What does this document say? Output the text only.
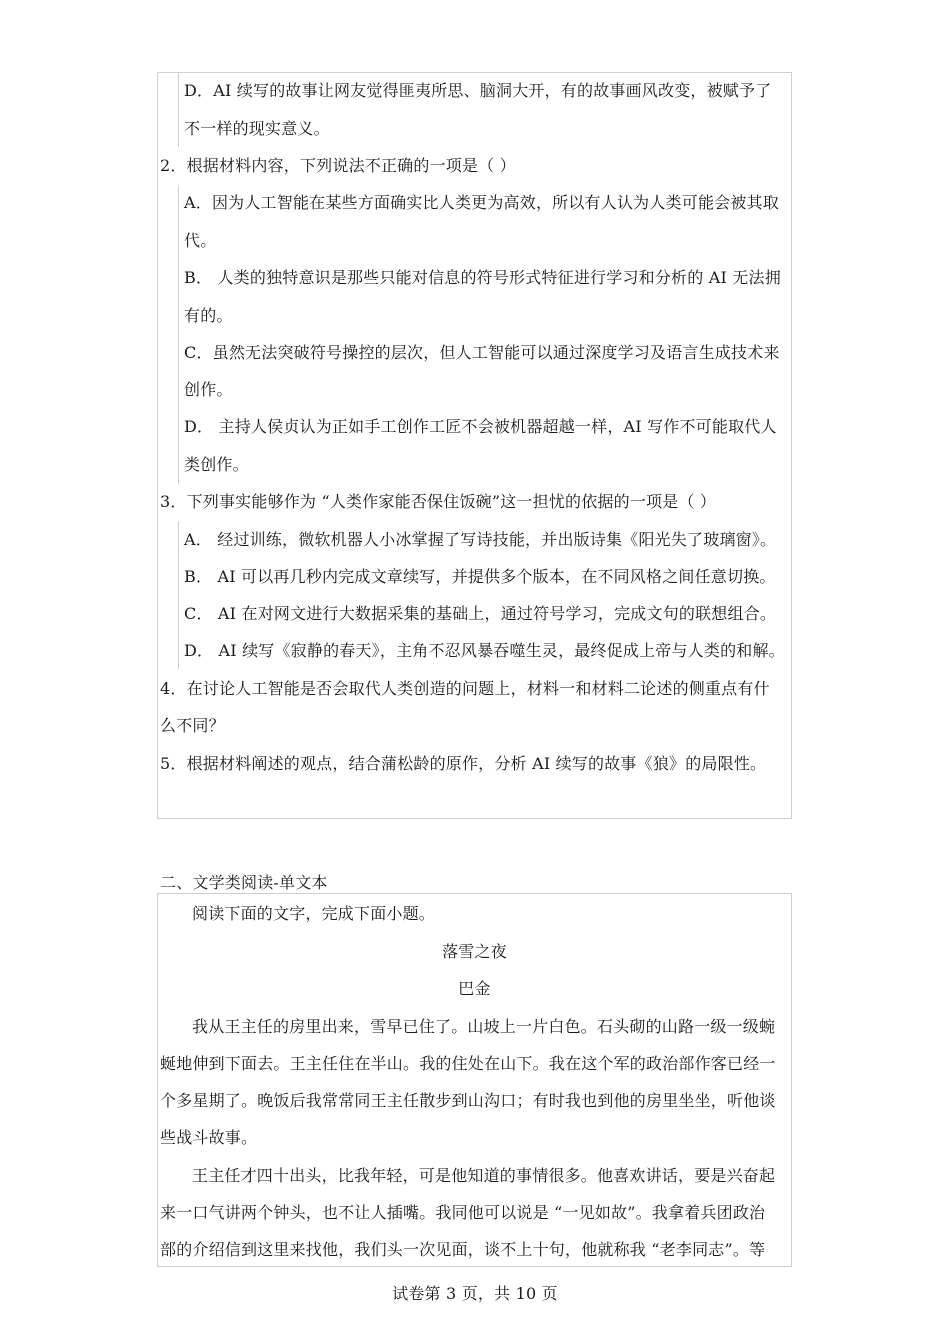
D．AI 续写的故事让网友觉得匪夷所思、脑洞大开，有的故事画风改变，被赋予了
不一样的现实意义。
2．根据材料内容，下列说法不正确的一项是（ ）
A．因为人工智能在某些方面确实比人类更为高效，所以有人认为人类可能会被其取
代。
B． 人类的独特意识是那些只能对信息的符号形式特征进行学习和分析的 AI 无法拥
有的。
C．虽然无法突破符号操控的层次，但人工智能可以通过深度学习及语言生成技术来
创作。
D． 主持人侯贞认为正如手工创作工匠不会被机器超越一样，AI 写作不可能取代人
类创作。
3．下列事实能够作为 “人类作家能否保住饭碗”这一担忧的依据的一项是（ ）
A． 经过训练，微软机器人小冰掌握了写诗技能，并出版诗集《阳光失了玻璃窗》。
B． AI 可以再几秒内完成文章续写，并提供多个版本，在不同风格之间任意切换。
C． AI 在对网文进行大数据采集的基础上，通过符号学习，完成文句的联想组合。
D． AI 续写《寂静的春天》，主角不忍风暴吞噬生灵，最终促成上帝与人类的和解。
4．在讨论人工智能是否会取代人类创造的问题上，材料一和材料二论述的侧重点有什
么不同？
5．根据材料阐述的观点，结合蒲松龄的原作，分析 AI 续写的故事《狼》的局限性。
二、文学类阅读-单文本
阅读下面的文字，完成下面小题。
落雪之夜
巴金
我从王主任的房里出来，雪早已住了。山坡上一片白色。石头砌的山路一级一级蜿
蜒地伸到下面去。王主任住在半山。我的住处在山下。我在这个军的政治部作客已经一
个多星期了。晚饭后我常常同王主任散步到山沟口；有时我也到他的房里坐坐，听他谈
些战斗故事。
王主任才四十出头，比我年轻，可是他知道的事情很多。他喜欢讲话，要是兴奋起
来一口气讲两个钟头，也不让人插嘴。我同他可以说是 “一见如故”。我拿着兵团政治
部的介绍信到这里来找他，我们头一次见面，谈不上十句，他就称我 “老李同志”。等
试卷第 3 页，共 10 页
